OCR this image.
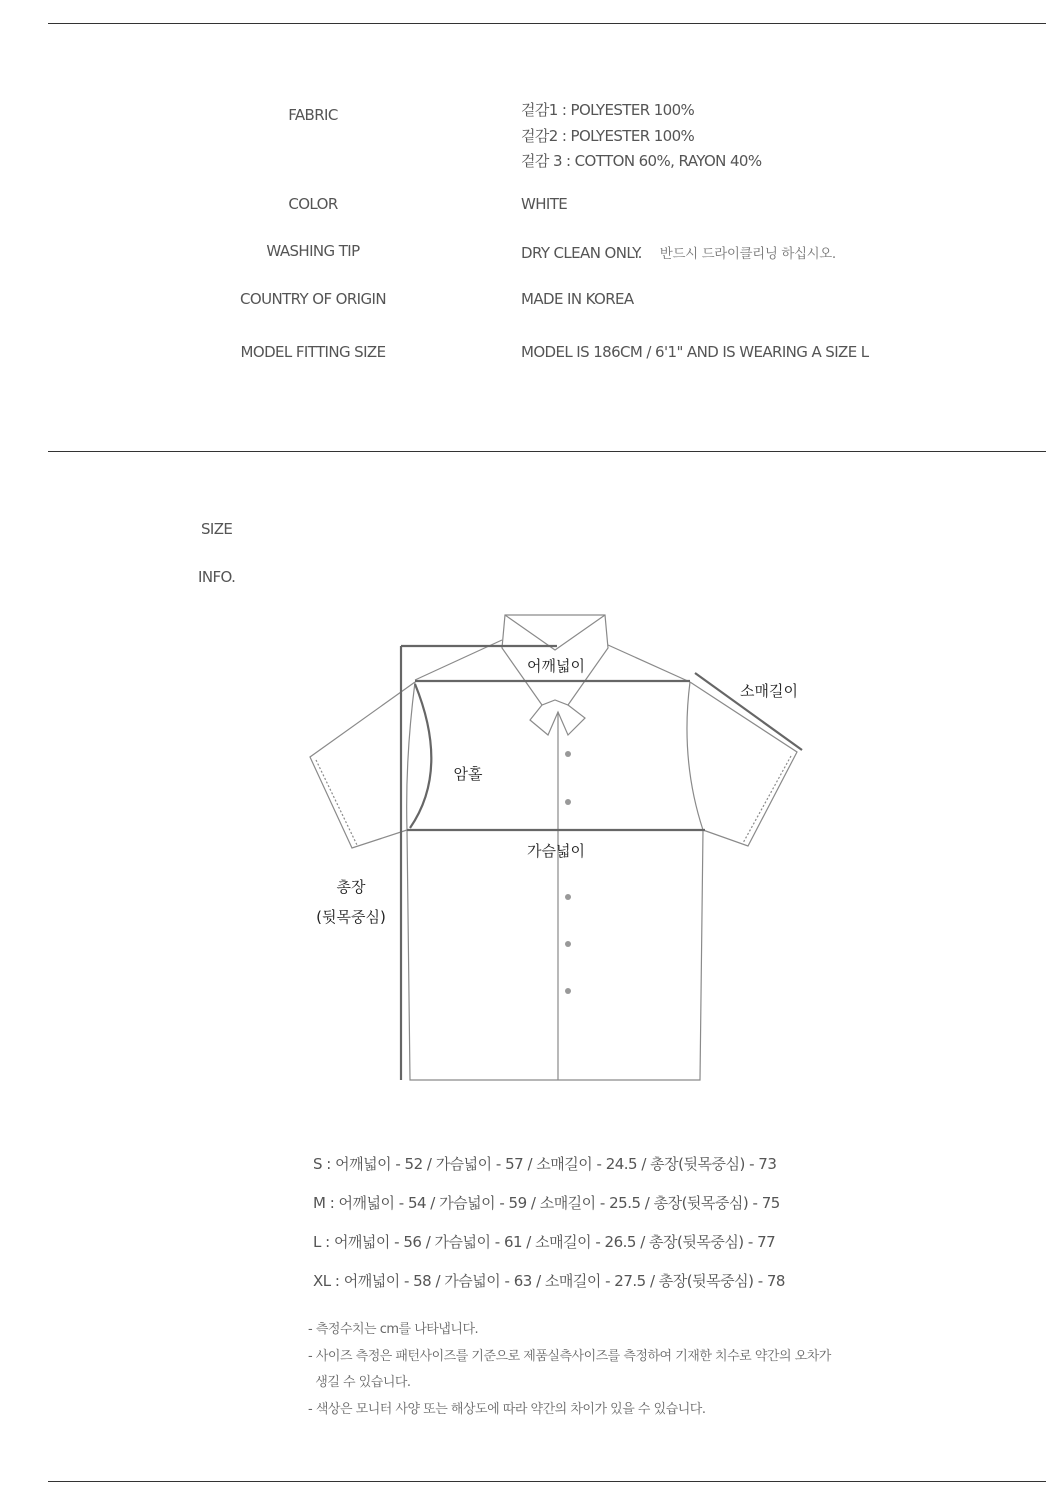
FABRIC	겉감1 : POLYESTER 100%
겉감2 : POLYESTER 100%
겉감 3 : COTTON 60%, RAYON 40%
COLOR	WHITE
WASHING TIP	DRY CLEAN ONLY. 반드시 드라이클리닝 하십시오.
COUNTRY OF ORIGIN	MADE IN KOREA
MODEL FITTING SIZE	MODEL IS 186CM / 6'1" AND IS WEARING A SIZE L
SIZE
INFO.
어깨넓이
소매길이
암홀
가슴넓이
총장
(뒷목중심)
S : 어깨넓이 - 52 / 가슴넓이 - 57 / 소매길이 - 24.5 / 총장(뒷목중심) - 73
M : 어깨넓이 - 54 / 가슴넓이 - 59 / 소매길이 - 25.5 / 총장(뒷목중심) - 75
L : 어깨넓이 - 56 / 가슴넓이 - 61 / 소매길이 - 26.5 / 총장(뒷목중심) - 77
XL : 어깨넓이 - 58 / 가슴넓이 - 63 / 소매길이 - 27.5 / 총장(뒷목중심) - 78
- 측정수치는 cm를 나타냅니다.
- 사이즈 측정은 패턴사이즈를 기준으로 제품실측사이즈를 측정하여 기재한 치수로 약간의 오차가
생길 수 있습니다.
- 색상은 모니터 사양 또는 해상도에 따라 약간의 차이가 있을 수 있습니다.
